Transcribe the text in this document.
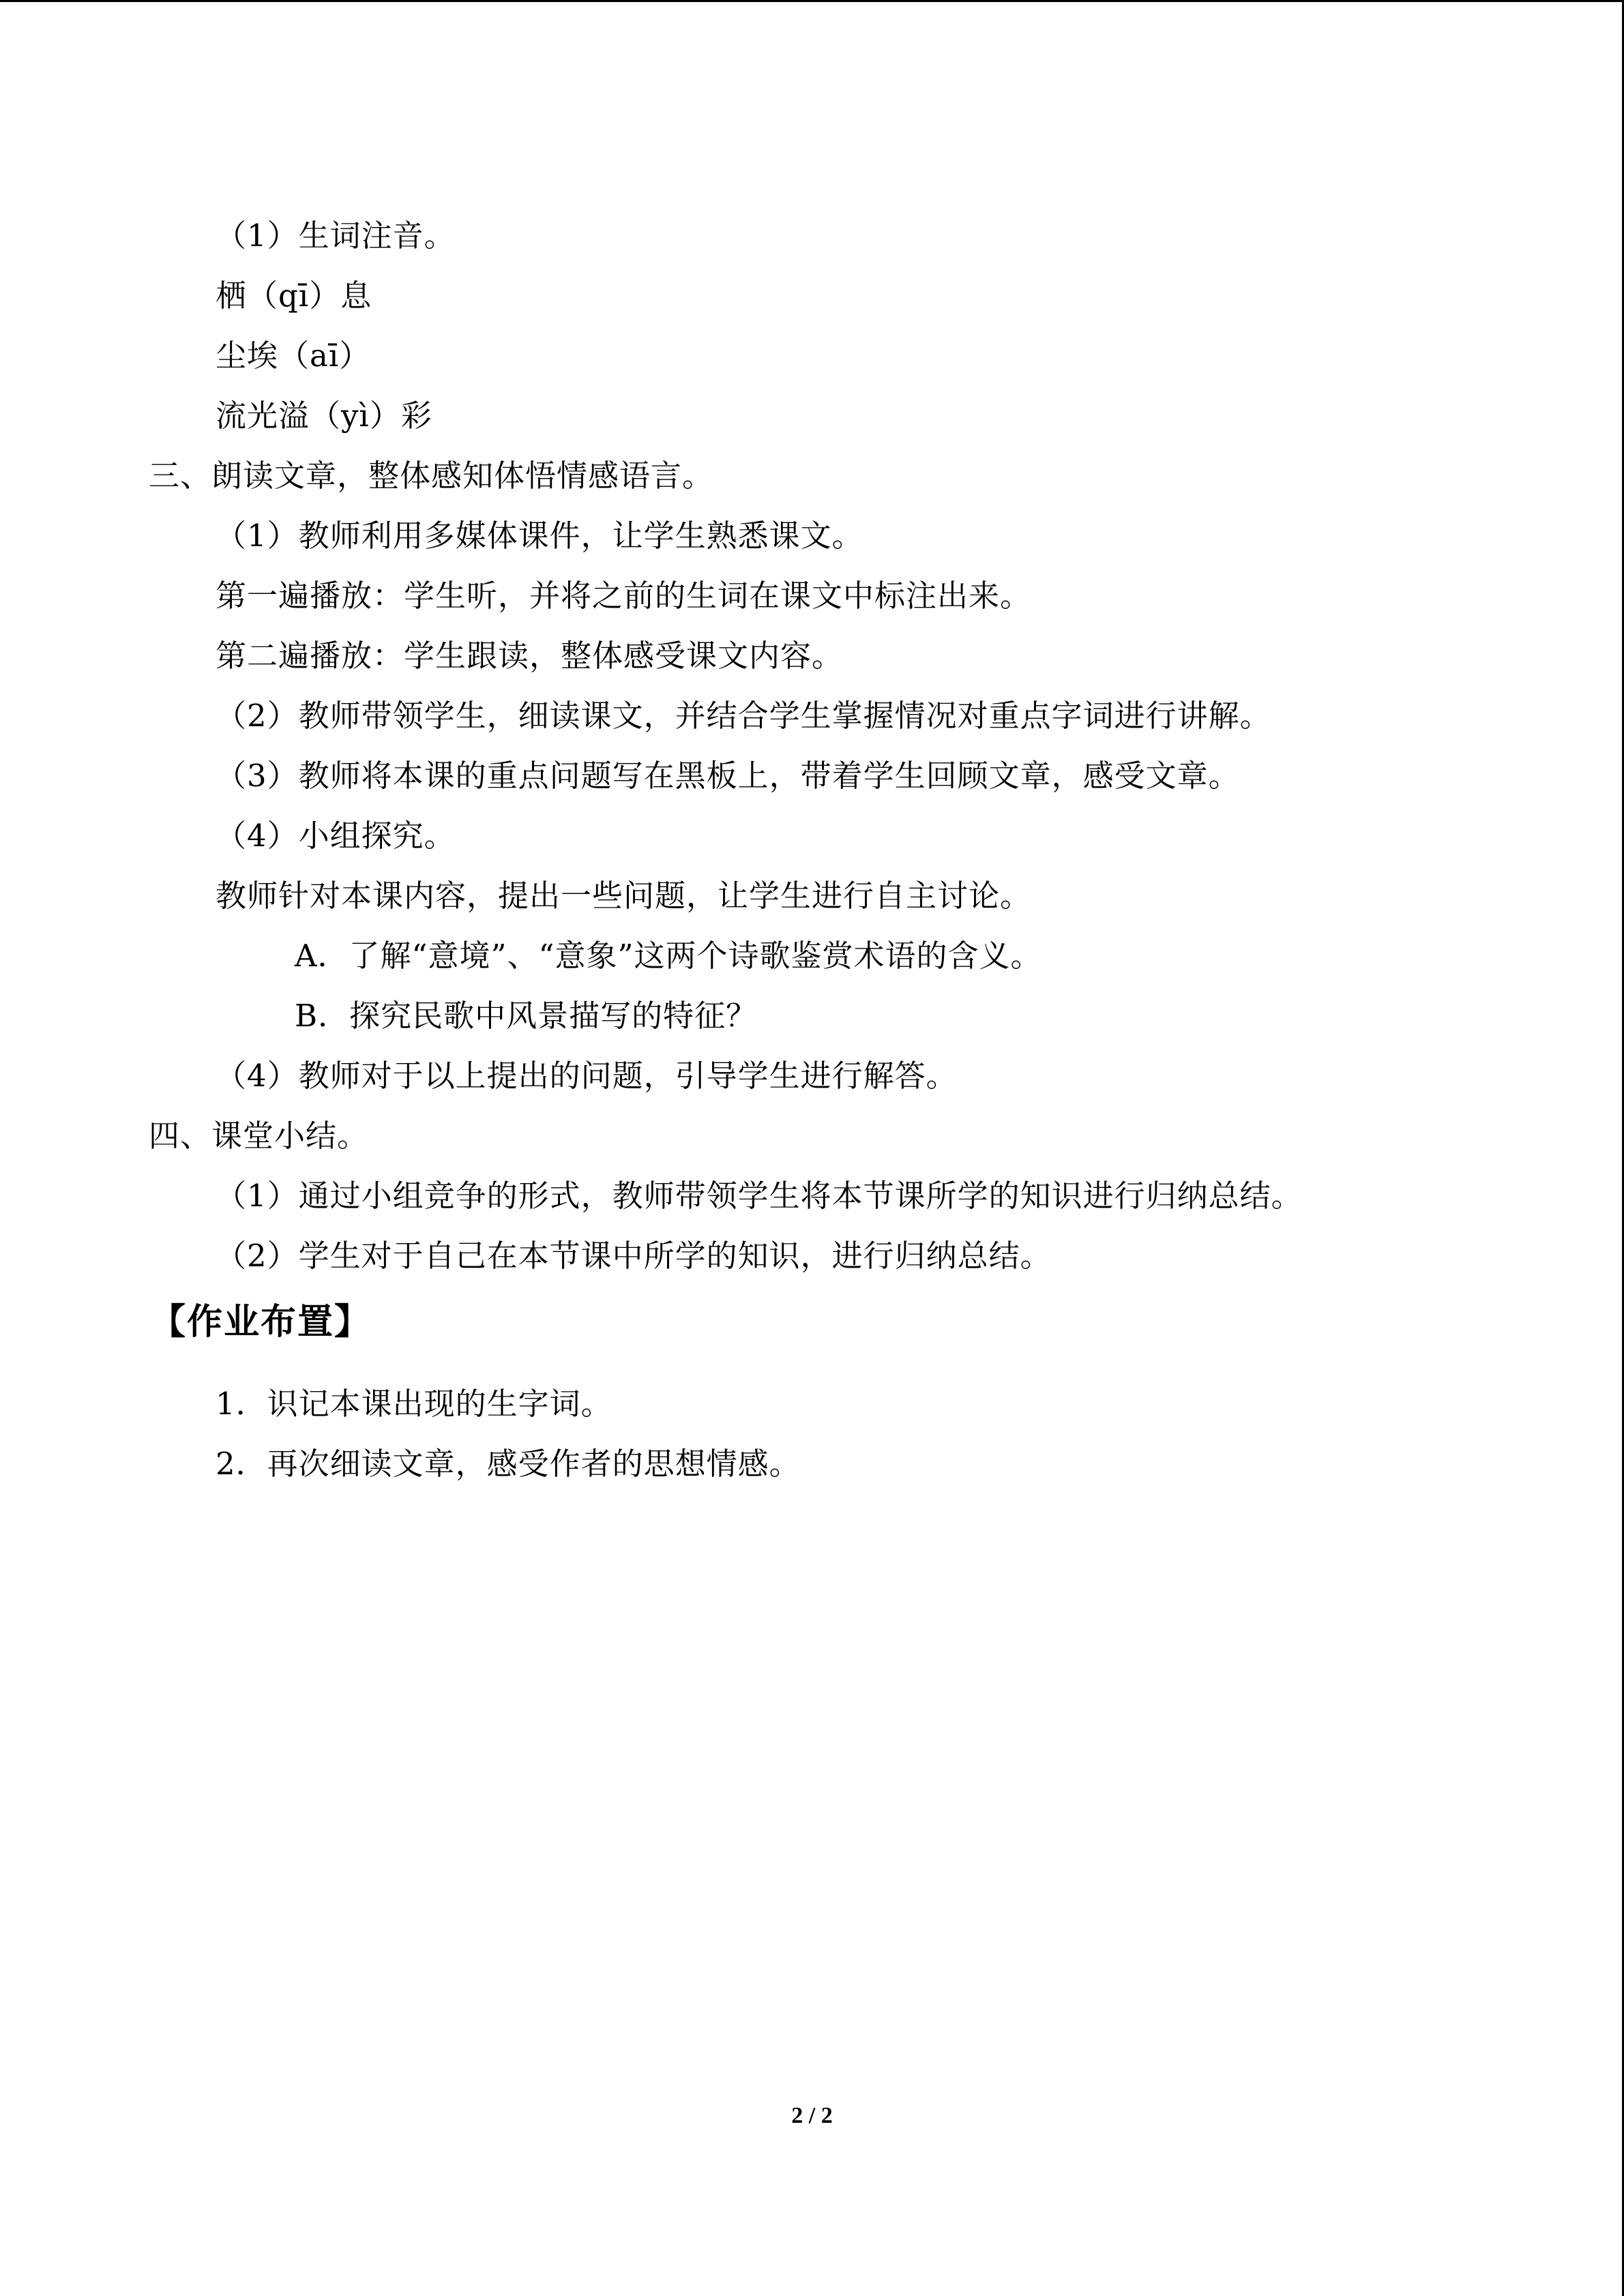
（1）生词注音。
栖（qī）息
尘埃（aī）
流光溢（yì）彩
三、朗读文章，整体感知体悟情感语言。
（1）教师利用多媒体课件，让学生熟悉课文。
第一遍播放：学生听，并将之前的生词在课文中标注出来。
第二遍播放：学生跟读，整体感受课文内容。
（2）教师带领学生，细读课文，并结合学生掌握情况对重点字词进行讲解。
（3）教师将本课的重点问题写在黑板上，带着学生回顾文章，感受文章。
（4）小组探究。
教师针对本课内容，提出一些问题，让学生进行自主讨论。
A．了解“意境”、“意象”这两个诗歌鉴赏术语的含义。
B．探究民歌中风景描写的特征？
（4）教师对于以上提出的问题，引导学生进行解答。
四、课堂小结。
（1）通过小组竞争的形式，教师带领学生将本节课所学的知识进行归纳总结。
（2）学生对于自己在本节课中所学的知识，进行归纳总结。
【作业布置】
1．识记本课出现的生字词。
2．再次细读文章，感受作者的思想情感。
2 / 2
